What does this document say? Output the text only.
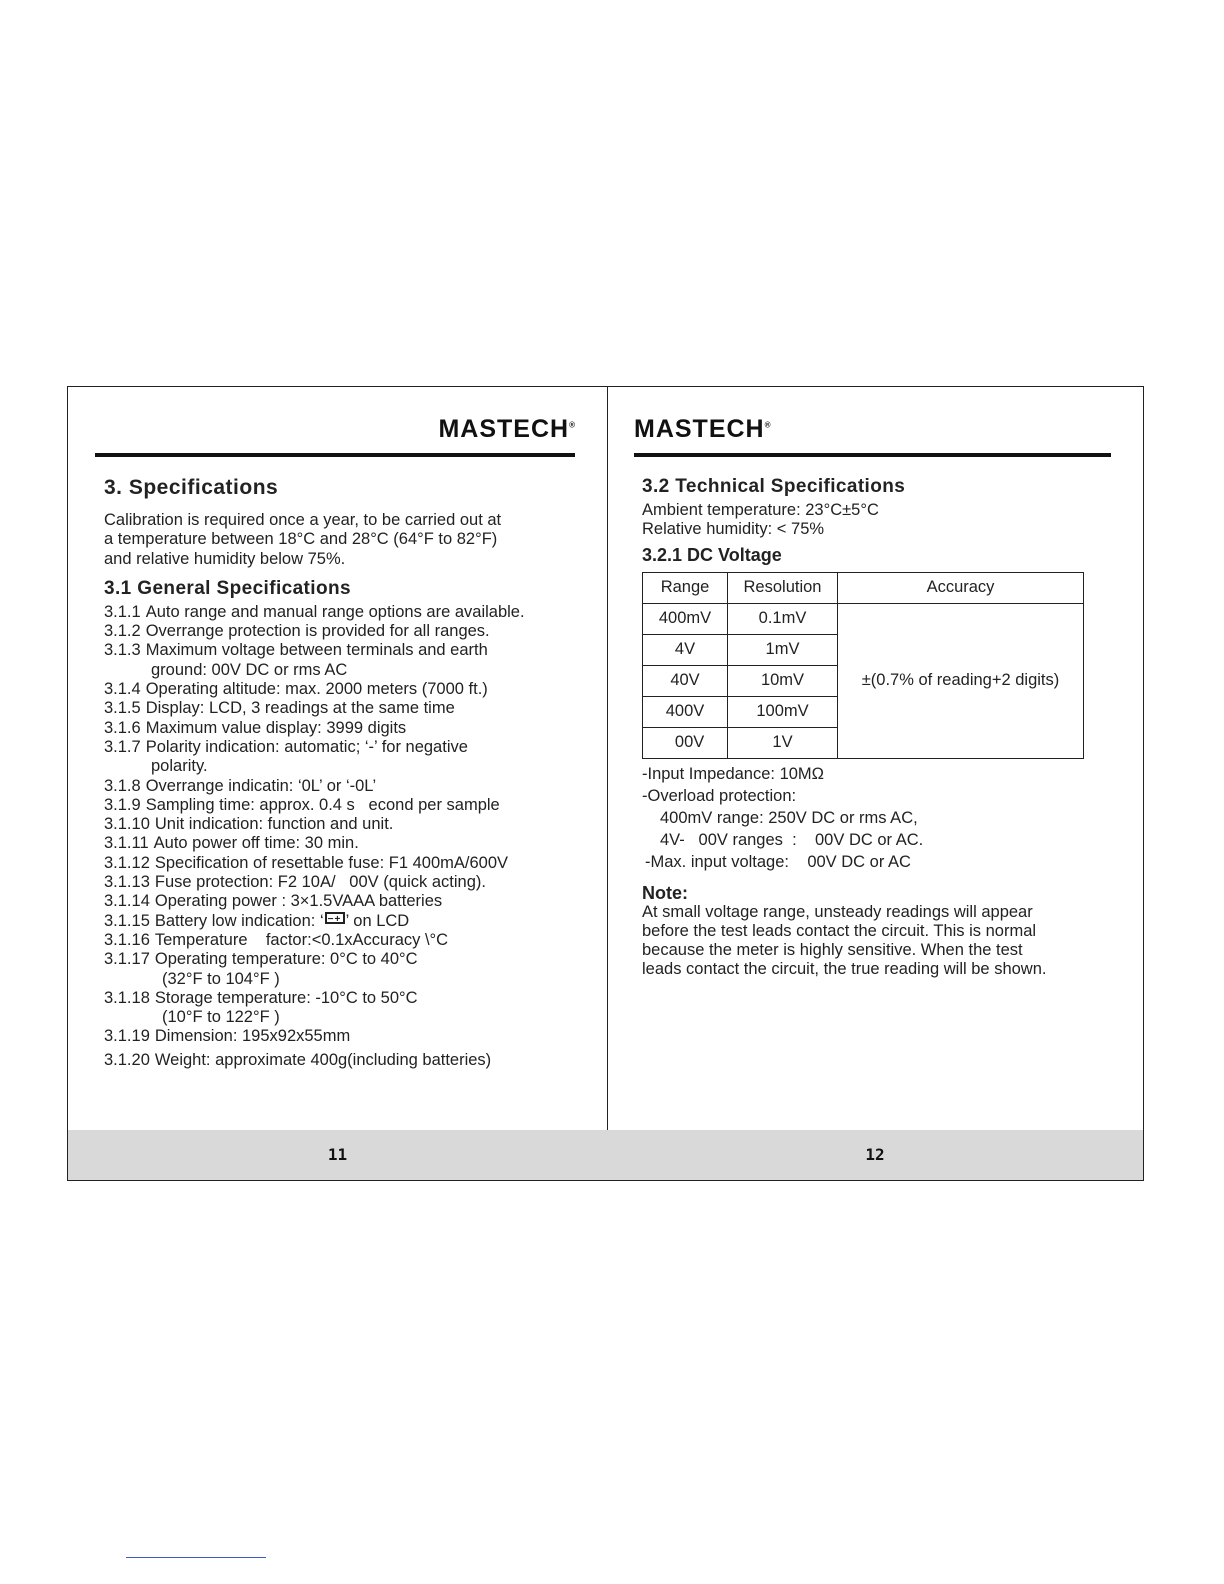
MASTECH®
3. Specifications

Calibration is required once a year, to be carried out at

a temperature between 18°C and 28°C (64°F to 82°F)

and relative humidity below 75%.

3.1 General Specifications
3.1.1 Auto range and manual range options are available.
3.1.2 Overrange protection is provided for all ranges.
3.1.3 Maximum voltage between terminals and earth
ground: 00V DC or rms AC
3.1.4 Operating altitude: max. 2000 meters (7000 ft.)
3.1.5 Display: LCD, 3 readings at the same time
3.1.6 Maximum value display: 3999 digits
3.1.7 Polarity indication: automatic; ‘-’ for negative
polarity.
3.1.8 Overrange indicatin: ‘0L’ or ‘-0L’
3.1.9 Sampling time: approx. 0.4 s   econd per sample
3.1.10 Unit indication: function and unit.
3.1.11 Auto power off time: 30 min.
3.1.12 Specification of resettable fuse: F1 400mA/600V
3.1.13 Fuse protection: F2 10A/   00V (quick acting).
3.1.14 Operating power : 3×1.5VAAA batteries
3.1.15 Battery low indication: ‘ −+ ’ on LCD
3.1.16 Temperature    factor:<0.1xAccuracy \°C
3.1.17 Operating temperature: 0°C to 40°C
(32°F to 104°F )
3.1.18 Storage temperature: -10°C to 50°C
(10°F to 122°F )
3.1.19 Dimension: 195x92x55mm
3.1.20 Weight: approximate 400g(including batteries)
11
MASTECH®
3.2 Technical Specifications

Ambient temperature: 23°C±5°C

Relative humidity: < 75%

3.2.1 DC Voltage
Range	Resolution	Accuracy
400mV	0.1mV	±(0.7% of reading+2 digits)
4V	1mV	
40V	10mV	
400V	100mV	
00V	1V	

-Input Impedance: 10MΩ

-Overload protection:

400mV range: 250V DC or rms AC,

4V-   00V ranges  :    00V DC or AC.

-Max. input voltage:    00V DC or AC

Note:

At small voltage range, unsteady readings will appear

before the test leads contact the circuit. This is normal

because the meter is highly sensitive. When the test

leads contact the circuit, the true reading will be shown.

12
